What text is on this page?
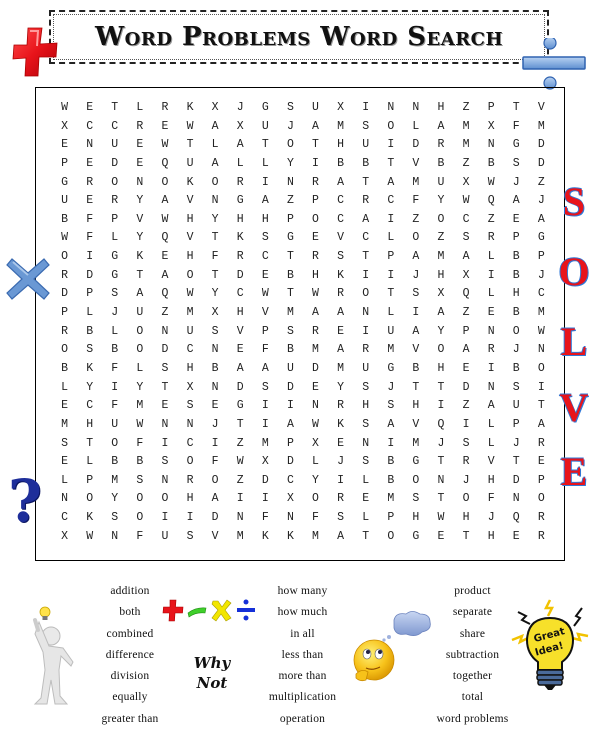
Word Problems Word Search
W	E	T	L	R	K	X	J	G	S	U	X	I	N	N	H	Z	P	T	V
X	C	C	R	E	W	A	X	U	J	A	M	S	O	L	A	M	X	F	M
E	N	U	E	W	T	L	A	T	O	T	H	U	I	D	R	M	N	G	D
P	E	D	E	Q	U	A	L	L	Y	I	B	B	T	V	B	Z	B	S	D
G	R	O	N	O	K	O	R	I	N	R	A	T	A	M	U	X	W	J	Z
U	E	R	Y	A	V	N	G	A	Z	P	C	R	C	F	Y	W	Q	A	J
B	F	P	V	W	H	Y	H	H	P	O	C	A	I	Z	O	C	Z	E	A
W	F	L	Y	Q	V	T	K	S	G	E	V	C	L	O	Z	S	R	P	G
O	I	G	K	E	H	F	R	C	T	R	S	T	P	A	M	A	L	B	P
R	D	G	T	A	O	T	D	E	B	H	K	I	I	J	H	X	I	B	J
D	P	S	A	Q	W	Y	C	W	T	W	R	O	T	S	X	Q	L	H	C
P	L	J	U	Z	M	X	H	V	M	A	A	N	L	I	A	Z	E	B	M
R	B	L	O	N	U	S	V	P	S	R	E	I	U	A	Y	P	N	O	W
O	S	B	O	D	C	N	E	F	B	M	A	R	M	V	O	A	R	J	N
B	K	F	L	S	H	B	A	A	U	D	M	U	G	B	H	E	I	B	O
L	Y	I	Y	T	X	N	D	S	D	E	Y	S	J	T	T	D	N	S	I
E	C	F	M	E	S	E	G	I	I	N	R	H	S	H	I	Z	A	U	T
M	H	U	W	N	N	J	T	I	A	W	K	S	A	V	Q	I	L	P	A
S	T	O	F	I	C	I	Z	M	P	X	E	N	I	M	J	S	L	J	R
E	L	B	B	S	O	F	W	X	D	L	J	S	B	G	T	R	V	T	E
L	P	M	S	N	R	O	Z	D	C	Y	I	L	B	O	N	J	H	D	P
N	O	Y	O	O	H	A	I	I	X	O	R	E	M	S	T	O	F	N	O
C	K	S	O	I	I	D	N	F	N	F	S	L	P	H	W	H	J	Q	R
X	W	N	F	U	S	V	M	K	K	M	A	T	O	G	E	T	H	E	R
S
O
L
V
E
?
addition
both
combined
difference
division
equally
greater than
Why
Not
how many
how much
in all
less than
more than
multiplication
operation
product
separate
share
subtraction
together
total
word problems
Great
Idea!
